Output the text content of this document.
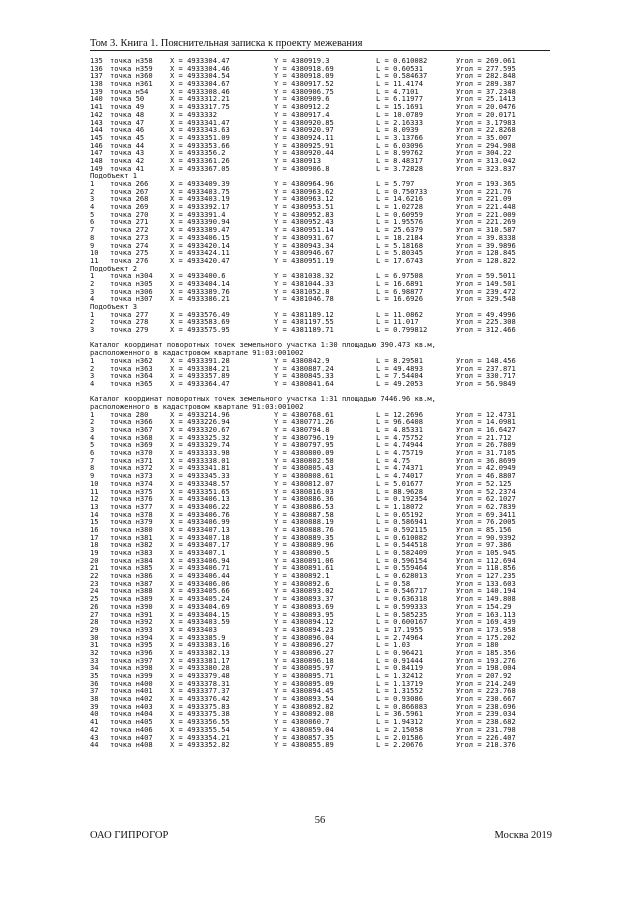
Том 3. Книга 1. Пояснительная записка к проекту межевания
135 точка н358 X = 4933304.47	Y = 4380919.3	L = 0.610082	Угол = 269.061
136 точка н359 X = 4933304.46	Y = 4380918.69	L = 0.60531	Угол = 277.595
137 точка н360 X = 4933304.54	Y = 4380918.09	L = 0.584637	Угол = 282.848
138 точка н361 X = 4933304.67	Y = 4380917.52	L = 11.4174	Угол = 289.387
139 точка н54	X = 4933308.46	Y = 4380906.75	L = 4.7101	Угол = 37.2348
140 точка 50	X = 4933312.21	Y = 4380909.6	L = 6.11977	Угол = 25.1413
141 точка 49	X = 4933317.75	Y = 4380912.2	L = 15.1691	Угол = 20.0476
142 точка 48	X = 4933332	Y = 4380917.4	L = 10.0789	Угол = 20.0171
143 точка 47	X = 4933341.47	Y = 4380920.85	L = 2.16333	Угол = 3.17983
144 точка 46	X = 4933343.63	Y = 4380920.97	L = 8.0939	Угол = 22.8268
145 точка 45	X = 4933351.09	Y = 4380924.11	L = 3.13766	Угол = 35.007
146 точка 44	X = 4933353.66	Y = 4380925.91	L = 6.03096	Угол = 294.908
147 точка 43	X = 4933356.2	Y = 4380920.44	L = 8.99762	Угол = 304.22
148 точка 42	X = 4933361.26	Y = 4380913	L = 8.48317	Угол = 313.042
149 точка 41	X = 4933367.05	Y = 4380906.8	L = 3.72828	Угол = 323.837
Подобъект 1
1 точка 266	X = 4933409.39	Y = 4380964.96	L = 5.797	Угол = 193.365
2 точка 267	X = 4933403.75	Y = 4380963.62	L = 0.750733	Угол = 221.76
3 точка 268	X = 4933403.19	Y = 4380963.12	L = 14.6216	Угол = 221.09
4 точка 269	X = 4933392.17	Y = 4380953.51	L = 1.02728	Угол = 221.448
5 точка 270	X = 4933391.4	Y = 4380952.83	L = 0.60959	Угол = 221.009
6 точка 271	X = 4933390.94	Y = 4380952.43	L = 1.95576	Угол = 221.269
7 точка 272	X = 4933389.47	Y = 4380951.14	L = 25.6379	Угол = 310.587
8 точка 273	X = 4933406.15	Y = 4380931.67	L = 18.2184	Угол = 39.8338
9 точка 274	X = 4933420.14	Y = 4380943.34	L = 5.18168	Угол = 39.9896
10 точка 275	X = 4933424.11	Y = 4380946.67	L = 5.80345	Угол = 128.845
11 точка 276	X = 4933420.47	Y = 4380951.19	L = 17.6743	Угол = 128.822
Подобъект 2
1 точка н304 X = 4933400.6	Y = 4381038.32	L = 6.97508	Угол = 59.5011
2 точка н305 X = 4933404.14	Y = 4381044.33	L = 16.6891	Угол = 149.501
3 точка н306 X = 4933389.76	Y = 4381052.8	L = 6.98877	Угол = 239.472
4 точка н307 X = 4933386.21	Y = 4381046.78	L = 16.6926	Угол = 329.548
Подобъект 3
1 точка 277	X = 4933576.49	Y = 4381189.12	L = 11.0862	Угол = 49.4996
2 точка 278	X = 4933583.69	Y = 4381197.55	L = 11.017	Угол = 225.308
3 точка 279	X = 4933575.95	Y = 4381189.71	L = 0.799812	Угол = 312.466
Каталог координат поворотных точек земельного участка 1:30 площадью 390.473 кв.м,
расположенного в кадастровом квартале 91:03:001002
1 точка н362 X = 4933391.28	Y = 4380842.9	L = 8.29581	Угол = 148.456
2 точка н363 X = 4933384.21	Y = 4380887.24	L = 49.4893	Угол = 237.871
3 точка н364 X = 4933357.89	Y = 4380845.33	L = 7.54404	Угол = 330.717
4 точка н365 X = 4933364.47	Y = 4380841.64	L = 49.2053	Угол = 56.9849
Каталог координат поворотных точек земельного участка 1:31 площадью 7446.96 кв.м,
расположенного в кадастровом квартале 91:03:001002
1 точка 280	X = 4933214.96	Y = 4380768.61	L = 12.2696	Угол = 12.4731
2 точка н366 X = 4933226.94	Y = 4380771.26	L = 96.6408	Угол = 14.0981
3 точка н367 X = 4933320.67	Y = 4380794.8	L = 4.85331	Угол = 16.6427
4 точка н368 X = 4933325.32	Y = 4380796.19	L = 4.75752	Угол = 21.712
5 точка н369 X = 4933329.74	Y = 4380797.95	L = 4.74944	Угол = 26.7809
6 точка н370 X = 4933333.98	Y = 4380800.09	L = 4.75719	Угол = 31.7105
7 точка н371 X = 4933338.01	Y = 4380802.58	L = 4.75	Угол = 36.8699
8 точка н372 X = 4933341.81	Y = 4380805.43	L = 4.74371	Угол = 42.0949
9 точка н373 X = 4933345.33	Y = 4380808.61	L = 4.74017	Угол = 46.8807
10 точка н374 X = 4933348.57	Y = 4380812.07	L = 5.01677	Угол = 52.125
11 точка н375 X = 4933351.65	Y = 4380816.03	L = 88.9628	Угол = 52.2374
12 точка н376 X = 4933406.13	Y = 4380886.36	L = 0.192354	Угол = 62.1027
13 точка н377 X = 4933406.22	Y = 4380886.53	L = 1.18072	Угол = 62.7839
14 точка н378 X = 4933406.76	Y = 4380887.58	L = 0.65192	Угол = 69.3411
15 точка н379 X = 4933406.99	Y = 4380888.19	L = 0.586941	Угол = 76.2005
16 точка н380 X = 4933407.13	Y = 4380888.76	L = 0.592115	Угол = 85.156
17 точка н381 X = 4933407.18	Y = 4380889.35	L = 0.610082	Угол = 90.9392
18 точка н382 X = 4933407.17	Y = 4380889.96	L = 0.544518	Угол = 97.386
19 точка н383 X = 4933407.1	Y = 4380890.5	L = 0.582409	Угол = 105.945
20 точка н384 X = 4933406.94	Y = 4380891.06	L = 0.596154	Угол = 112.694
21 точка н385 X = 4933406.71	Y = 4380891.61	L = 0.559464	Угол = 118.856
22 точка н386 X = 4933406.44	Y = 4380892.1	L = 0.628013	Угол = 127.235
23 точка н387 X = 4933406.06	Y = 4380892.6	L = 0.58	Угол = 133.603
24 точка н388 X = 4933405.66	Y = 4380893.02	L = 0.546717	Угол = 140.194
25 точка н389 X = 4933405.24	Y = 4380893.37	L = 0.636318	Угол = 149.808
26 точка н390 X = 4933404.69	Y = 4380893.69	L = 0.599333	Угол = 154.29
27 точка н391 X = 4933404.15	Y = 4380893.95	L = 0.585235	Угол = 163.113
28 точка н392 X = 4933403.59	Y = 4380894.12	L = 0.600167	Угол = 169.439
29 точка н393 X = 4933403	Y = 4380894.23	L = 17.1955	Угол = 173.958
30 точка н394 X = 4933385.9	Y = 4380896.04	L = 2.74964	Угол = 175.202
31 точка н395 X = 4933383.16	Y = 4380896.27	L = 1.03	Угол = 180
32 точка н396 X = 4933382.13	Y = 4380896.27	L = 0.96421	Угол = 185.356
33 точка н397 X = 4933381.17	Y = 4380896.18	L = 0.91444	Угол = 193.276
34 точка н398 X = 4933380.28	Y = 4380895.97	L = 0.84119	Угол = 198.004
35 точка н399 X = 4933379.48	Y = 4380895.71	L = 1.32412	Угол = 207.92
36 точка н400 X = 4933378.31	Y = 4380895.09	L = 1.13719	Угол = 214.249
37 точка н401 X = 4933377.37	Y = 4380894.45	L = 1.31552	Угол = 223.768
38 точка н402 X = 4933376.42	Y = 4380893.54	L = 0.93086	Угол = 230.667
39 точка н403 X = 4933375.83	Y = 4380892.82	L = 0.866083	Угол = 238.696
40 точка н404 X = 4933375.38	Y = 4380892.08	L = 36.5961	Угол = 239.034
41 точка н405 X = 4933356.55	Y = 4380860.7	L = 1.94312	Угол = 238.682
42 точка н406 X = 4933355.54	Y = 4380859.04	L = 2.15058	Угол = 231.798
43 точка н407 X = 4933354.21	Y = 4380857.35	L = 2.01586	Угол = 226.407
44 точка н408 X = 4933352.82	Y = 4380855.89	L = 2.20676	Угол = 218.376
56
ОАО ГИПРОГОР	Москва 2019
